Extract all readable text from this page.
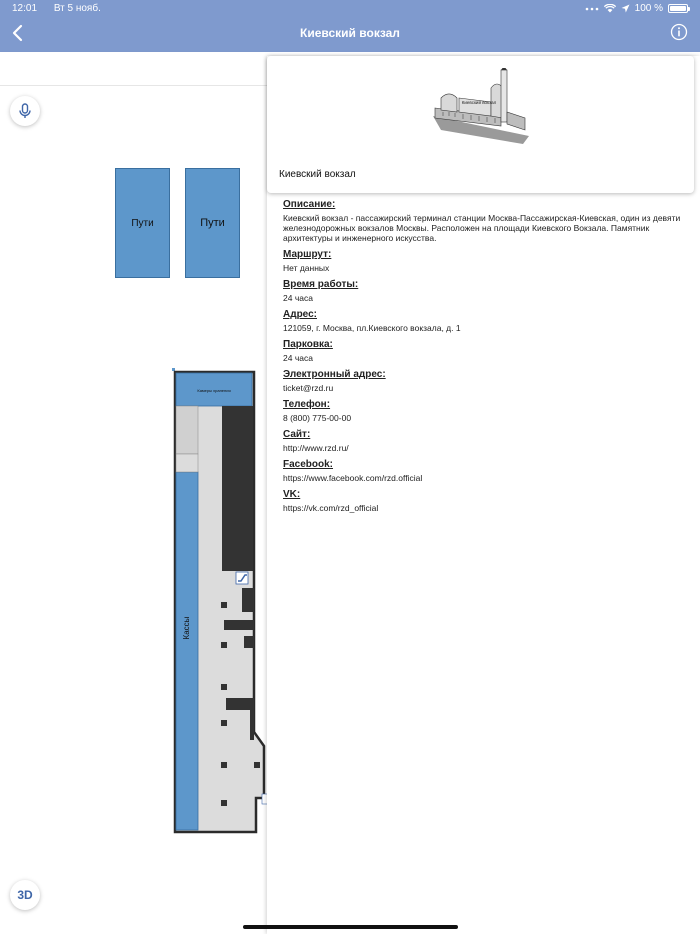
12:01 Вт 5 нояб.	100 %
Киевский вокзал
Пути	Пути
Камеры хранения
Кассы
3D
Киевский вокзал
Киевский вокзал
Описание:
Киевский вокзал - пассажирский терминал станции Москва-Пассажирская-Киевская, один из девяти железнодорожных вокзалов Москвы. Расположен на площади Киевского Вокзала. Памятник архитектуры и инженерного искусства.
Маршрут:
Нет данных
Время работы:
24 часа
Адрес:
121059, г. Москва, пл.Киевского вокзала, д. 1
Парковка:
24 часа
Электронный адрес:
ticket@rzd.ru
Телефон:
8 (800) 775-00-00
Сайт:
http://www.rzd.ru/
Facebook:
https://www.facebook.com/rzd.official
VK:
https://vk.com/rzd_official
